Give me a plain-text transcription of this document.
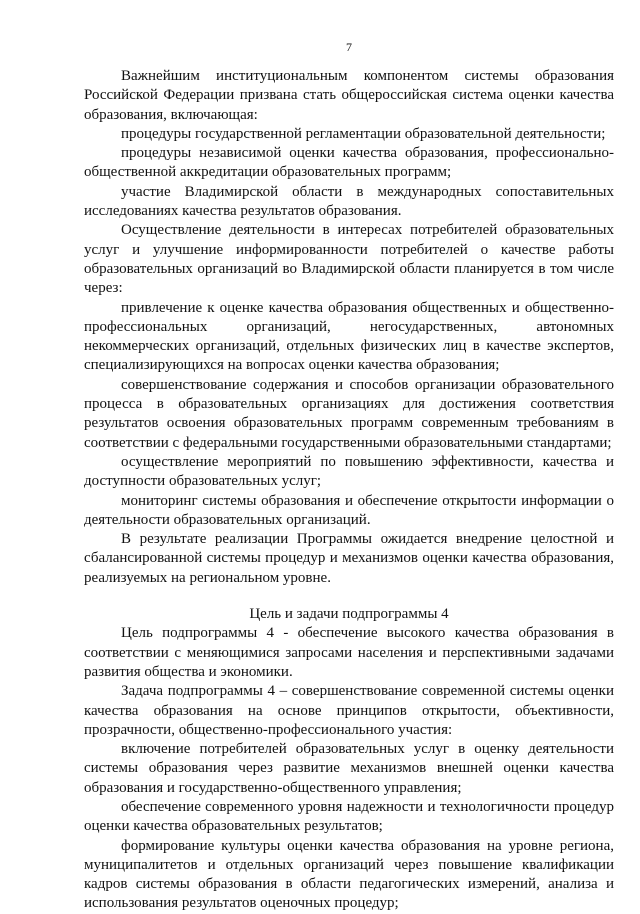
7

Важнейшим институциональным компонентом системы образования Российской Федерации призвана стать общероссийская система оценки качества образования, включающая:

процедуры государственной регламентации образовательной деятельности;

процедуры независимой оценки качества образования, профессионально-общественной аккредитации образовательных программ;

участие Владимирской области в международных сопоставительных исследованиях качества результатов образования.

Осуществление деятельности в интересах потребителей образовательных услуг и улучшение информированности потребителей о качестве работы образовательных организаций во Владимирской области планируется в том числе через:

привлечение к оценке качества образования общественных и общественно-профессиональных организаций, негосударственных, автономных некоммерческих организаций, отдельных физических лиц в качестве экспертов, специализирующихся на вопросах оценки качества образования;

совершенствование содержания и способов организации образовательного процесса в образовательных организациях для достижения соответствия результатов освоения образовательных программ современным требованиям в соответствии с федеральными государственными образовательными стандартами;

осуществление мероприятий по повышению эффективности, качества и доступности образовательных услуг;

мониторинг системы образования и обеспечение открытости информации о деятельности образовательных организаций.

В результате реализации Программы ожидается внедрение целостной и сбалансированной системы процедур и механизмов оценки качества образования, реализуемых на региональном уровне.

Цель и задачи подпрограммы 4

Цель подпрограммы 4 - обеспечение высокого качества образования в соответствии с меняющимися запросами населения и перспективными задачами развития общества и экономики.

Задача подпрограммы 4 – совершенствование современной системы оценки качества образования на основе принципов открытости, объективности, прозрачности, общественно-профессионального участия:

включение потребителей образовательных услуг в оценку деятельности системы образования через развитие механизмов внешней оценки качества образования и государственно-общественного управления;

обеспечение современного уровня надежности и технологичности процедур оценки качества образовательных результатов;

формирование культуры оценки качества образования на уровне региона, муниципалитетов и отдельных организаций через повышение квалификации кадров системы образования в области педагогических измерений, анализа и использования результатов оценочных процедур;
